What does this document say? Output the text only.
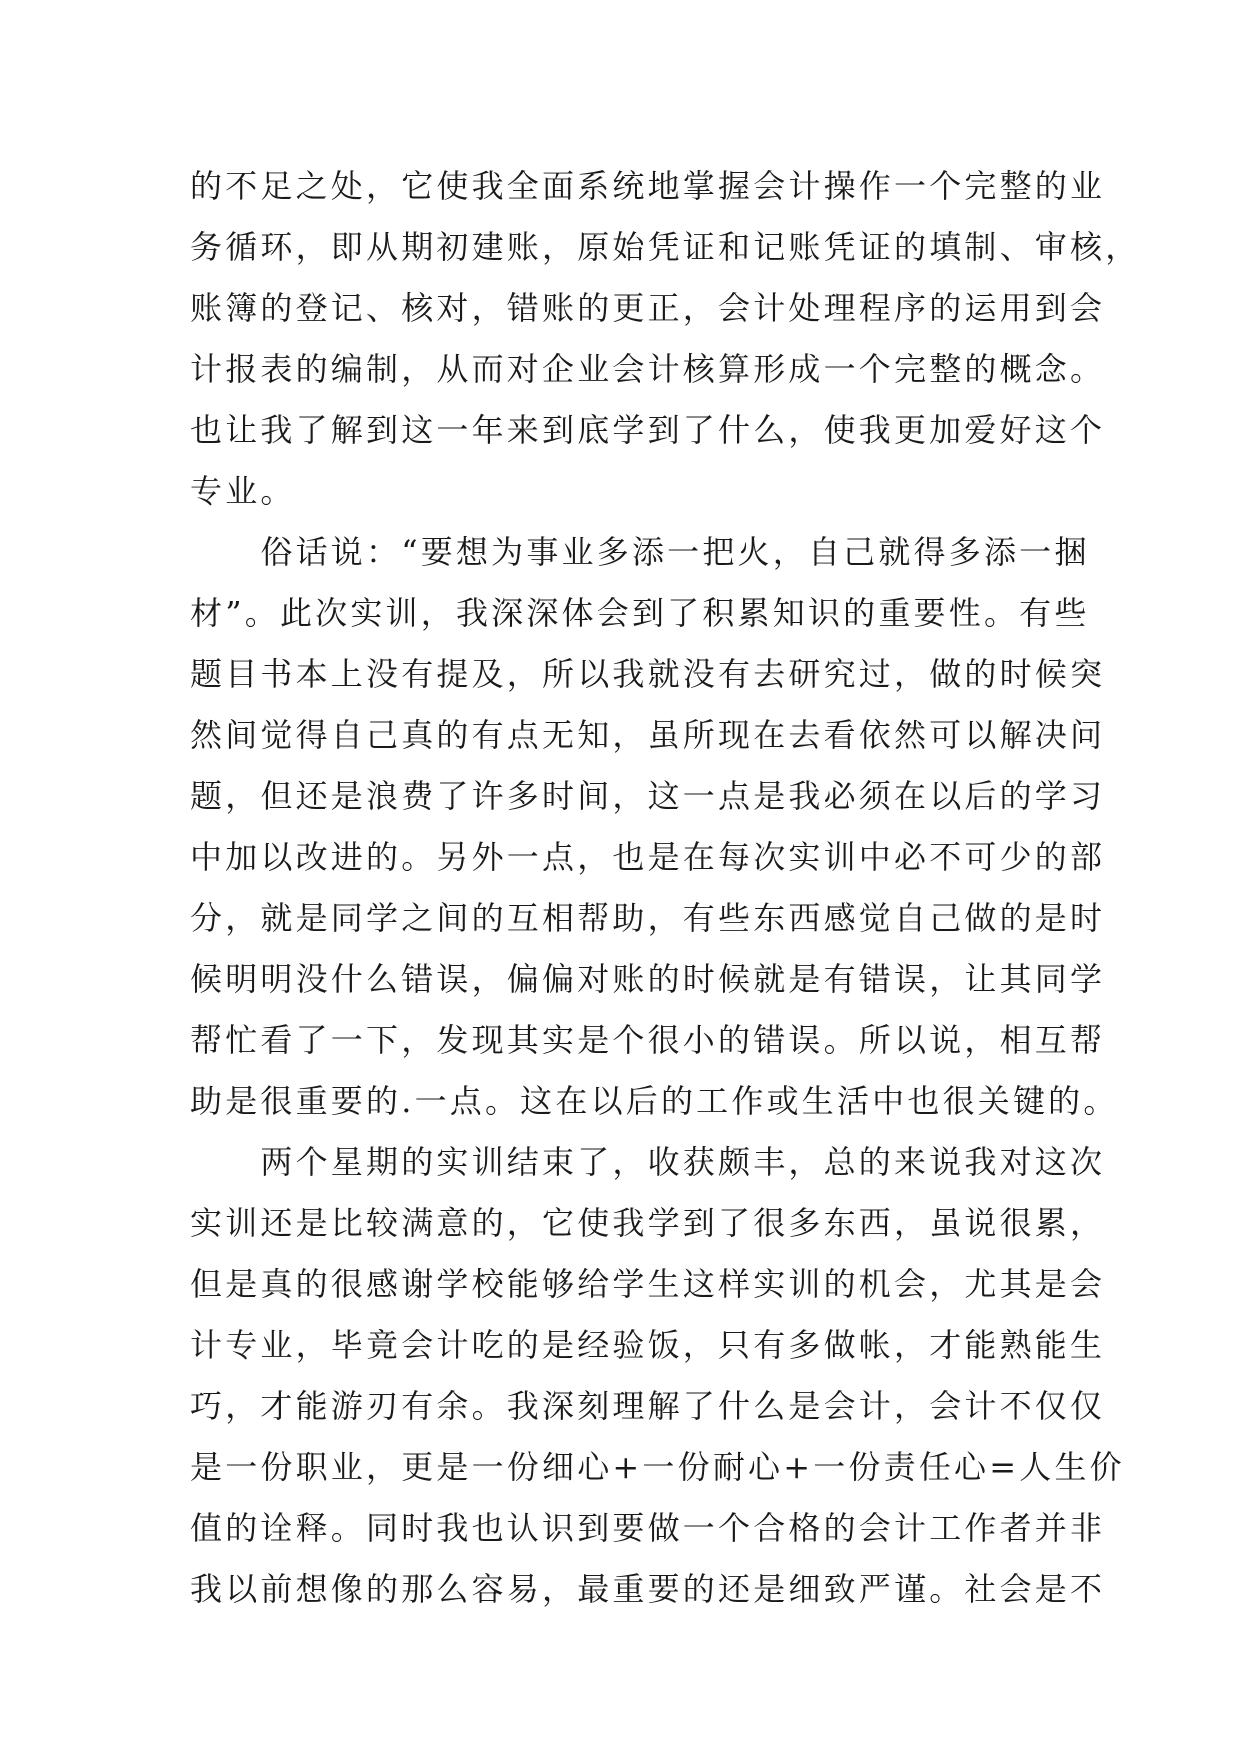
的不足之处，它使我全面系统地掌握会计操作一个完整的业
务循环，即从期初建账，原始凭证和记账凭证的填制、审核，
账簿的登记、核对，错账的更正，会计处理程序的运用到会
计报表的编制，从而对企业会计核算形成一个完整的概念。
也让我了解到这一年来到底学到了什么，使我更加爱好这个
专业。
　　俗话说：“要想为事业多添一把火，自己就得多添一捆
材”。此次实训，我深深体会到了积累知识的重要性。有些
题目书本上没有提及，所以我就没有去研究过，做的时候突
然间觉得自己真的有点无知，虽所现在去看依然可以解决问
题，但还是浪费了许多时间，这一点是我必须在以后的学习
中加以改进的。另外一点，也是在每次实训中必不可少的部
分，就是同学之间的互相帮助，有些东西感觉自己做的是时
候明明没什么错误，偏偏对账的时候就是有错误，让其同学
帮忙看了一下，发现其实是个很小的错误。所以说，相互帮
助是很重要的.一点。这在以后的工作或生活中也很关键的。
　　两个星期的实训结束了，收获颇丰，总的来说我对这次
实训还是比较满意的，它使我学到了很多东西，虽说很累，
但是真的很感谢学校能够给学生这样实训的机会，尤其是会
计专业，毕竟会计吃的是经验饭，只有多做帐，才能熟能生
巧，才能游刃有余。我深刻理解了什么是会计，会计不仅仅
是一份职业，更是一份细心+一份耐心+一份责任心=人生价
值的诠释。同时我也认识到要做一个合格的会计工作者并非
我以前想像的那么容易，最重要的还是细致严谨。社会是不
